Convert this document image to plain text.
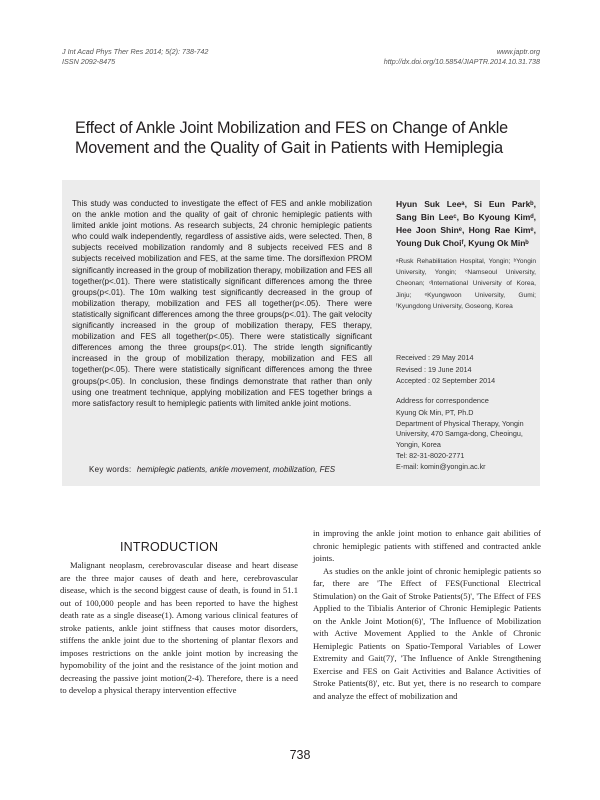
J Int Acad Phys Ther Res 2014; 5(2): 738-742
ISSN 2092-8475
www.japtr.org
http://dx.doi.org/10.5854/JIAPTR.2014.10.31.738
Effect of Ankle Joint Mobilization and FES on Change of Ankle Movement and the Quality of Gait in Patients with Hemiplegia
This study was conducted to investigate the effect of FES and ankle mobilization on the ankle motion and the quality of gait of chronic hemiplegic patients with limited ankle joint motions. As research subjects, 24 chronic hemiplegic patients who could walk independently, regardless of assistive aids, were selected. Then, 8 subjects received mobilization randomly and 8 subjects received FES and 8 subjects received mobilization and FES, at the same time. The dorsiflexion PROM significantly increased in the group of mobilization therapy, mobilization and FES all together(p<.01). There were statistically significant differences among the three groups(p<.01). The 10m walking test significantly decreased in the group of mobilization therapy, mobilization and FES all together(p<.05). There were statistically significant differences among the three groups(p<.01). The gait velocity significantly increased in the group of mobilization therapy, FES therapy, mobilization and FES all together(p<.05). There were statistically significant differences among the three groups(p<.01). The stride length significantly increased in the group of mobilization therapy, mobilization and FES all together(p<.05). There were statistically significant differences among the three groups(p<.05). In conclusion, these findings demonstrate that rather than only using one treatment technique, applying mobilization and FES together brings a more satisfactory result to hemiplegic patients with limited ankle joint motions.
Key words: hemiplegic patients, ankle movement, mobilization, FES
Hyun Suk Leeᵃ, Si Eun Parkᵇ, Sang Bin Leeᶜ, Bo Kyoung Kimᵈ, Hee Joon Shinᵉ, Hong Rae Kimᵉ, Young Duk Choiᶠ, Kyung Ok Minᵇ
ᵃRusk Rehabilitation Hospital, Yongin; ᵇYongin University, Yongin; ᶜNamseoul University, Cheonan; ᵈInternational University of Korea, Jinju; ᵉKyungwoon University, Gumi; ᶠKyungdong University, Goseong, Korea
Received : 29 May 2014
Revised : 19 June 2014
Accepted : 02 September 2014
Address for correspondence
Kyung Ok Min, PT, Ph.D
Department of Physical Therapy, Yongin University, 470 Samga-dong, Cheoingu, Yongin, Korea
Tel: 82-31-8020-2771
E-mail: komin@yongin.ac.kr
INTRODUCTION

Malignant neoplasm, cerebrovascular disease and heart disease are the three major causes of death and here, cerebrovascular disease, which is the second biggest cause of death, is found in 51.1 out of 100,000 people and has been reported to have the highest death rate as a single disease(1). Among various clinical features of stroke patients, ankle joint stiffness that causes motor disorders, stiffens the ankle joint due to the shortening of plantar flexors and imposes restrictions on the ankle joint motion by increasing the hypomobility of the joint and the resistance of the joint motion and decreasing the passive joint motion(2-4). Therefore, there is a need to develop a physical therapy intervention effective

in improving the ankle joint motion to enhance gait abilities of chronic hemiplegic patients with stiffened and contracted ankle joints.

As studies on the ankle joint of chronic hemiplegic patients so far, there are 'The Effect of FES(Functional Electrical Stimulation) on the Gait of Stroke Patients(5)', 'The Effect of FES Applied to the Tibialis Anterior of Chronic Hemiplegic Patients on the Ankle Joint Motion(6)', 'The Influence of Mobilization with Active Movement Applied to the Ankle of Chronic Hemiplegic Patients on Spatio-Temporal Variables of Lower Extremity and Gait(7)', 'The Influence of Ankle Strengthening Exercise and FES on Gait Activities and Balance Activities of Stroke Patients(8)', etc. But yet, there is no research to compare and analyze the effect of mobilization and

738
